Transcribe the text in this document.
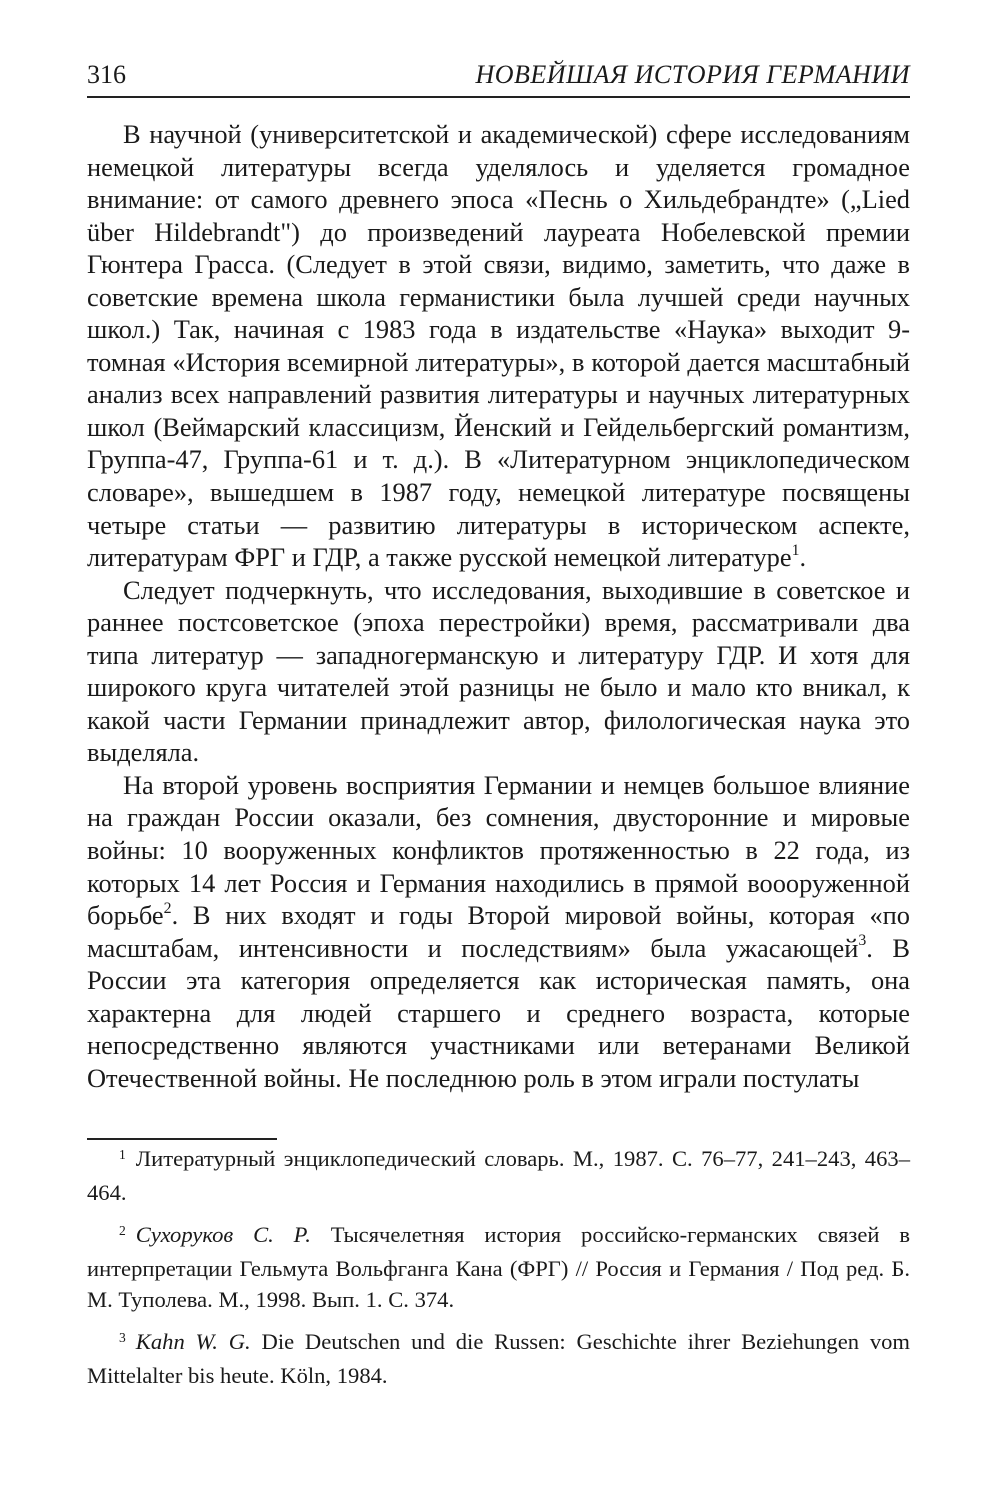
316	НОВЕЙШАЯ ИСТОРИЯ ГЕРМАНИИ

В научной (университетской и академической) сфере исследованиям немецкой литературы всегда уделялось и уделяется громадное внимание: от самого древнего эпоса «Песнь о Хильдебрандте» („Lied über Hildebrandt") до произведений лауреата Нобелевской премии Гюнтера Грасса. (Следует в этой связи, видимо, заметить, что даже в советские времена школа германистики была лучшей среди научных школ.) Так, начиная с 1983 года в издательстве «Наука» выходит 9-томная «История всемирной литературы», в которой дается масштабный анализ всех направлений развития литературы и научных литературных школ (Веймарский классицизм, Йенский и Гейдельбергский романтизм, Группа-47, Группа-61 и т. д.). В «Литературном энциклопедическом словаре», вышедшем в 1987 году, немецкой литературе посвящены четыре статьи — развитию литературы в историческом аспекте, литературам ФРГ и ГДР, а также русской немецкой литературе$^1$.

Следует подчеркнуть, что исследования, выходившие в советское и раннее постсоветское (эпоха перестройки) время, рассматривали два типа литератур — западногерманскую и литературу ГДР. И хотя для широкого круга читателей этой разницы не было и мало кто вникал, к какой части Германии принадлежит автор, филологическая наука это выделяла.

На второй уровень восприятия Германии и немцев большое влияние на граждан России оказали, без сомнения, двусторонние и мировые войны: 10 вооруженных конфликтов протяженностью в 22 года, из которых 14 лет Россия и Германия находились в прямой воооруженной борьбе$^2$. В них входят и годы Второй мировой войны, которая «по масштабам, интенсивности и последствиям» была ужасающей$^3$. В России эта категория определяется как историческая память, она характерна для людей старшего и среднего возраста, которые непосредственно являются участниками или ветеранами Великой Отечественной войны. Не последнюю роль в этом играли постулаты

$^1$ Литературный энциклопедический словарь. М., 1987. С. 76–77, 241–243, 463–464.

$^2$ Сухоруков С. Р. Тысячелетняя история российско-германских связей в интерпретации Гельмута Вольфганга Кана (ФРГ) // Россия и Германия / Под ред. Б. М. Туполева. М., 1998. Вып. 1. С. 374.

$^3$ Kahn W. G. Die Deutschen und die Russen: Geschichte ihrer Beziehungen vom Mittelalter bis heute. Köln, 1984.
